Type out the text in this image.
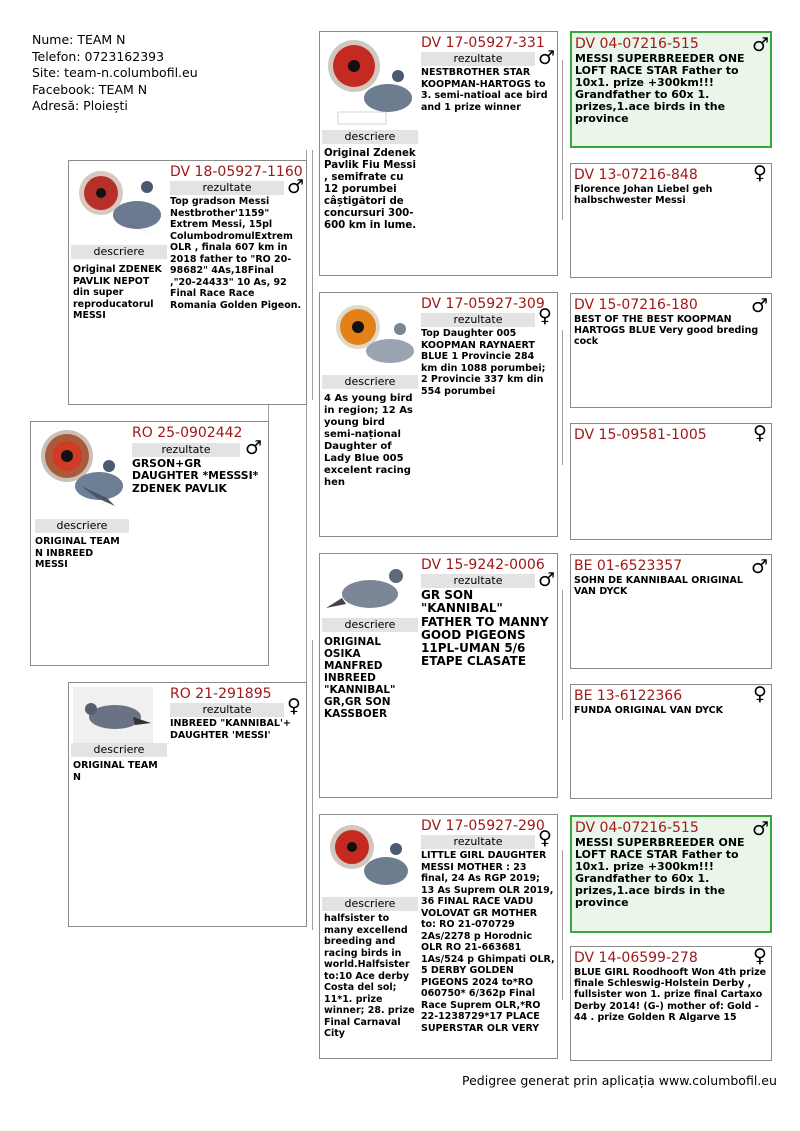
Nume: TEAM N
Telefon: 0723162393
Site: team-n.columbofil.eu
Facebook: TEAM N
Adresă: Ploiești
descriere
ORIGINAL TEAM N INBREED MESSI
RO 25-0902442
rezultate	♂
GRSON+GR DAUGHTER *MESSSI* ZDENEK PAVLIK
descriere
Original ZDENEK PAVLIK NEPOT din super reproducatorul MESSI
DV 18-05927-1160
rezultate	♂
Top gradson Messi Nestbrother'1159" Extrem Messi, 15pl ColumbodromulExtrem OLR , finala 607 km in 2018 father to "RO 20-98682" 4As,18Final ,"20-24433" 10 As, 92 Final Race Race Romania Golden Pigeon.
descriere
ORIGINAL TEAM N
RO 21-291895
rezultate	♀
INBREED "KANNIBAL'+ DAUGHTER 'MESSI'
descriere
Original Zdenek Pavlik Fiu Messi , semifrate cu 12 porumbei câștigători de concursuri 300-600 km in lume.
DV 17-05927-331
rezultate	♂
NESTBROTHER STAR KOOPMAN-HARTOGS to 3. semi-natioal ace bird and 1 prize winner
descriere
4 As young bird in region; 12 As young bird semi-național Daughter of Lady Blue 005 excelent racing hen
DV 17-05927-309
rezultate	♀
Top Daughter 005 KOOPMAN RAYNAERT BLUE 1 Provincie 284 km din 1088 porumbei; 2 Provincie 337 km din 554 porumbei
descriere
ORIGINAL OSIKA MANFRED INBREED "KANNIBAL" GR,GR SON KASSBOER
DV 15-9242-0006
rezultate	♂
GR SON "KANNIBAL" FATHER TO MANNY GOOD PIGEONS 11PL-UMAN 5/6 ETAPE CLASATE
descriere
halfsister to many excellend breeding and racing birds in world.Halfsister to:10 Ace derby Costa del sol; 11*1. prize winner; 28. prize Final Carnaval City
DV 17-05927-290
rezultate	♀
LITTLE GIRL DAUGHTER MESSI MOTHER : 23 final, 24 As RGP 2019; 13 As Suprem OLR 2019, 36 FINAL RACE VADU VOLOVAT GR MOTHER to: RO 21-070729 2As/2278 p Horodnic OLR RO 21-663681 1As/524 p Ghimpati OLR, 5 DERBY GOLDEN PIGEONS 2024 to*RO 060750* 6/362p Final Race Suprem OLR,*RO 22-1238729*17 PLACE SUPERSTAR OLR VERY
DV 04-07216-515	♂
MESSI SUPERBREEDER ONE LOFT RACE STAR Father to 10x1. prize +300km!!! Grandfather to 60x 1. prizes,1.ace birds in the province
DV 13-07216-848	♀
Florence Johan Liebel geh halbschwester Messi
DV 15-07216-180	♂
BEST OF THE BEST KOOPMAN HARTOGS BLUE Very good breding cock
DV 15-09581-1005 ♀
BE 01-6523357	♂
SOHN DE KANNIBAAL ORIGINAL VAN DYCK
BE 13-6122366	♀
FUNDA ORIGINAL VAN DYCK
DV 04-07216-515	♂
MESSI SUPERBREEDER ONE LOFT RACE STAR Father to 10x1. prize +300km!!! Grandfather to 60x 1. prizes,1.ace birds in the province
DV 14-06599-278	♀
BLUE GIRL Roodhooft Won 4th prize finale Schleswig-Holstein Derby , fullsister won 1. prize final Cartaxo Derby 2014! (G-) mother of: Gold - 44 . prize Golden R Algarve 15
Pedigree generat prin aplicația www.columbofil.eu
